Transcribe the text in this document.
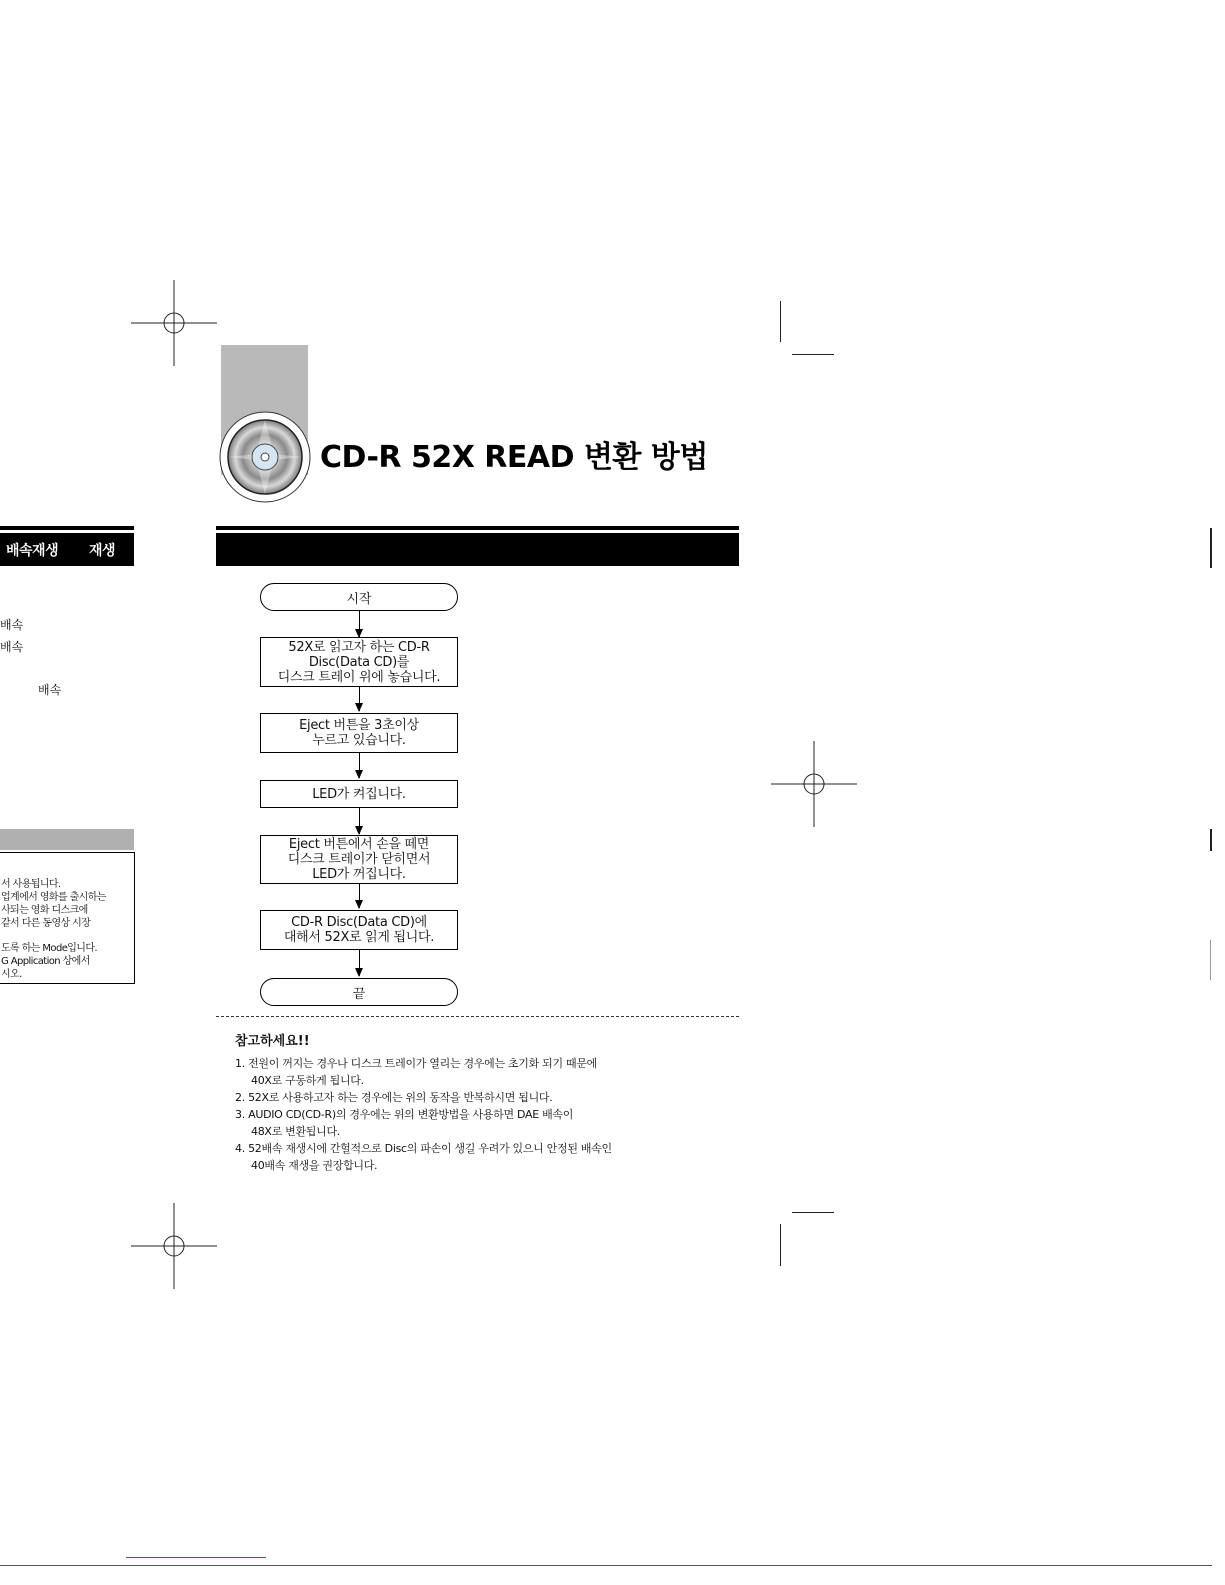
CD-R 52X READ 변환 방법
배속재생 재생
배속
배속
배속
서 사용됩니다.
업계에서 영화를 출시하는
사되는 영화 디스크에
같서 다른 동영상 시장
도록 하는 Mode입니다.
G Application 상에서
시오.
시작
52X로 읽고자 하는 CD-R
Disc(Data CD)를
디스크 트레이 위에 놓습니다.
Eject 버튼을 3초이상
누르고 있습니다.
LED가 켜집니다.
Eject 버튼에서 손을 떼면
디스크 트레이가 닫히면서
LED가 꺼집니다.
CD-R Disc(Data CD)에
대해서 52X로 읽게 됩니다.
끝
참고하세요!!
1. 전원이 꺼지는 경우나 디스크 트레이가 열리는 경우에는 초기화 되기 때문에
40X로 구동하게 됩니다.
2. 52X로 사용하고자 하는 경우에는 위의 동작을 반복하시면 됩니다.
3. AUDIO CD(CD-R)의 경우에는 위의 변환방법을 사용하면 DAE 배속이
48X로 변환됩니다.
4. 52배속 재생시에 간헐적으로 Disc의 파손이 생길 우려가 있으니 안정된 배속인
40배속 재생을 권장합니다.
